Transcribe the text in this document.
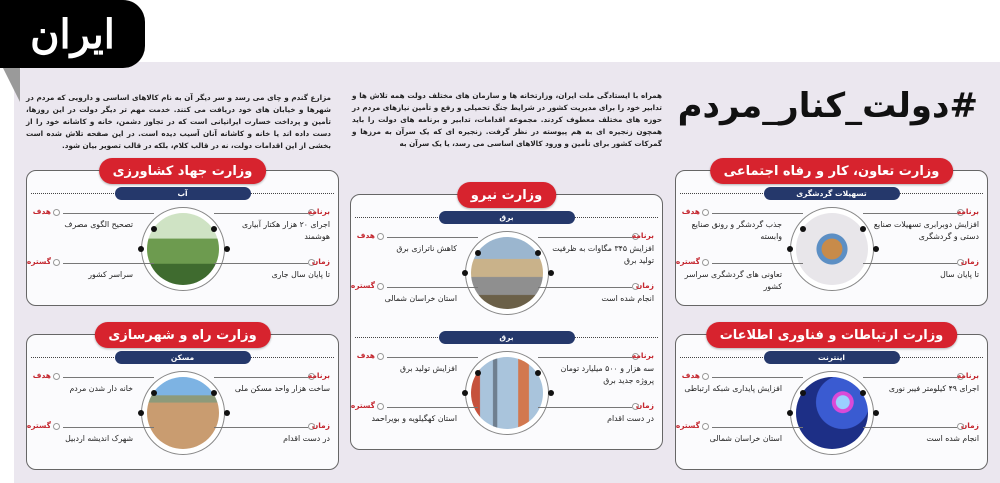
ایران
مزارع گندم و چای می رسد و سر دیگر آن به نام کالاهای اساسی و دارویی که مردم در شهرها و خیابان های خود دریافت می کنند. خدمت مهم تر دیگر دولت در این روزها، تأمین و پرداخت خسارت ایرانیانی است که در تجاوز دشمن، خانه و کاشانه خود را از دست داده اند یا خانه و کاشانه آنان آسیب دیده است. در این صفحه تلاش شده است بخشی از این اقدامات دولت، نه در قالب کلام، بلکه در قالب تصویر بیان شود.
همراه با ایستادگی ملت ایران، وزارتخانه ها و سازمان های مختلف دولت همه تلاش ها و تدابیر خود را برای مدیریت کشور در شرایط جنگ تحمیلی و رفع و تأمین نیازهای مردم در حوزه های مختلف معطوف کردند. مجموعه اقدامات، تدابیر و برنامه های دولت را باید همچون زنجیره ای به هم پیوسته در نظر گرفت. زنجیره ای که یک سرآن به مرزها و گمرکات کشور برای تأمین و ورود کالاهای اساسی می رسد، یا یک سرآن به
#دولت_کنار_مردم
وزارت تعاون، کار و رفاه اجتماعی
تسهیلات گردشگری
برنامه
افزایش دوبرابری تسهیلات صنایع دستی و گردشگری
زمان
تا پایان سال
هدف
جذب گردشگر و رونق صنایع وابسته
گستره
تعاونی های گردشگری سراسر کشور
وزارت ارتباطات و فناوری اطلاعات
اینترنت
برنامه
اجرای ۴۹ کیلومتر فیبر نوری
زمان
انجام شده است
هدف
افزایش پایداری شبکه ارتباطی
گستره
استان خراسان شمالی
وزارت نیرو
برق
برنامه
افزایش ۳۴۵ مگاوات به ظرفیت تولید برق
زمان
انجام شده است
هدف
کاهش ناترازی برق
گستره
استان خراسان شمالی
برق
برنامه
سه هزار و ۵۰۰ میلیارد تومان پروژه جدید برق
زمان
در دست اقدام
هدف
افزایش تولید برق
گستره
استان کهگیلویه و بویراحمد
وزارت جهاد کشاورزی
آب
برنامه
اجرای ۲۰ هزار هکتار آبیاری هوشمند
زمان
تا پایان سال جاری
هدف
تصحیح الگوی مصرف
گستره
سراسر کشور
وزارت راه و شهرسازی
مسکن
برنامه
ساخت هزار واحد مسکن ملی
زمان
در دست اقدام
هدف
خانه دار شدن مردم
گستره
شهرک اندیشه اردبیل
